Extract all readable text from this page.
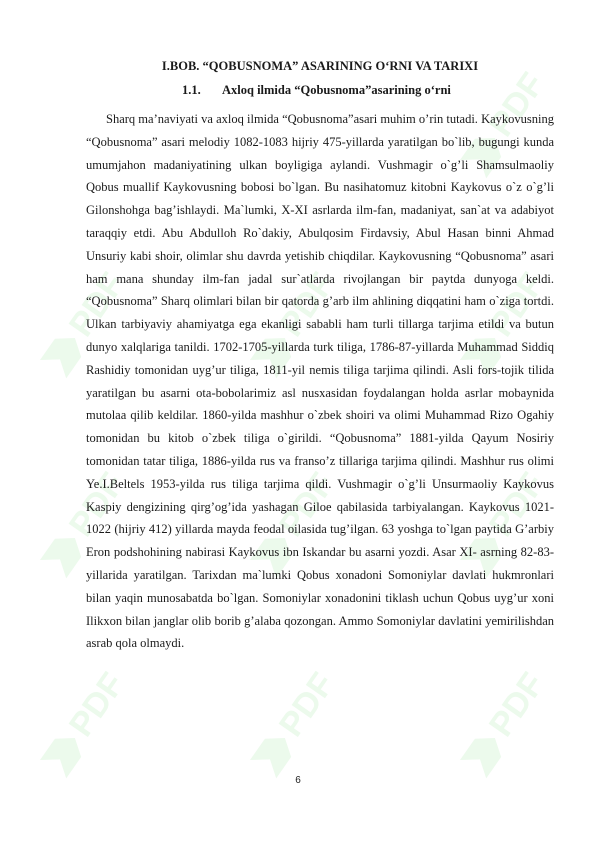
PDF
PDF
PDF
PDF
PDF
PDF
PDF
PDF
PDF
PDF
I.BOB. “QOBUSNOMA” ASARINING O‘RNI VA TARIXI
1.1. Axloq ilmida “Qobusnoma”asarining o‘rni

Sharq ma’naviyati va axloq ilmida “Qobusnoma”asari muhim o’rin tutadi. Kaykovusning “Qobusnoma” asari melodiy 1082-1083 hijriy 475-yillarda yaratilgan bo`lib, bugungi kunda umumjahon madaniyatining ulkan boyligiga aylandi. Vushmagir o`g’li Shamsulmaoliy Qobus muallif Kaykovusning bobosi bo`lgan. Bu nasihatomuz kitobni Kaykovus o`z o`g’li Gilonshohga bag’ishlaydi. Ma`lumki, X-XI asrlarda ilm-fan, madaniyat, san`at va adabiyot taraqqiy etdi. Abu Abdulloh Ro`dakiy, Abulqosim Firdavsiy, Abul Hasan binni Ahmad Unsuriy kabi shoir, olimlar shu davrda yetishib chiqdilar. Kaykovusning “Qobusnoma” asari ham mana shunday ilm-fan jadal sur`atlarda rivojlangan bir paytda dunyoga keldi. “Qobusnoma” Sharq olimlari bilan bir qatorda g’arb ilm ahlining diqqatini ham o`ziga tortdi. Ulkan tarbiyaviy ahamiyatga ega ekanligi sababli ham turli tillarga tarjima etildi va butun dunyo xalqlariga tanildi. 1702-1705-yillarda turk tiliga, 1786-87-yillarda Muhammad Siddiq Rashidiy tomonidan uyg’ur tiliga, 1811-yil nemis tiliga tarjima qilindi. Asli fors-tojik tilida yaratilgan bu asarni ota-bobolarimiz asl nusxasidan foydalangan holda asrlar mobaynida mutolaa qilib keldilar. 1860-yilda mashhur o`zbek shoiri va olimi Muhammad Rizo Ogahiy tomonidan bu kitob o`zbek tiliga o`girildi. “Qobusnoma” 1881-yilda Qayum Nosiriy tomonidan tatar tiliga, 1886-yilda rus va franso’z tillariga tarjima qilindi. Mashhur rus olimi Ye.I.Beltels 1953-yilda rus tiliga tarjima qildi. Vushmagir o`g’li Unsurmaoliy Kaykovus Kaspiy dengizining qirg’og’ida yashagan Giloe qabilasida tarbiyalangan. Kaykovus 1021-1022 (hijriy 412) yillarda mayda feodal oilasida tug’ilgan. 63 yoshga to`lgan paytida G’arbiy Eron podshohining nabirasi Kaykovus ibn Iskandar bu asarni yozdi. Asar XI- asrning 82-83-yillarida yaratilgan. Tarixdan ma`lumki Qobus xonadoni Somoniylar davlati hukmronlari bilan yaqin munosabatda bo`lgan. Somoniylar xonadonini tiklash uchun Qobus uyg’ur xoni Ilikxon bilan janglar olib borib g’alaba qozongan. Ammo Somoniylar davlatini yemirilishdan asrab qola olmaydi.

6
